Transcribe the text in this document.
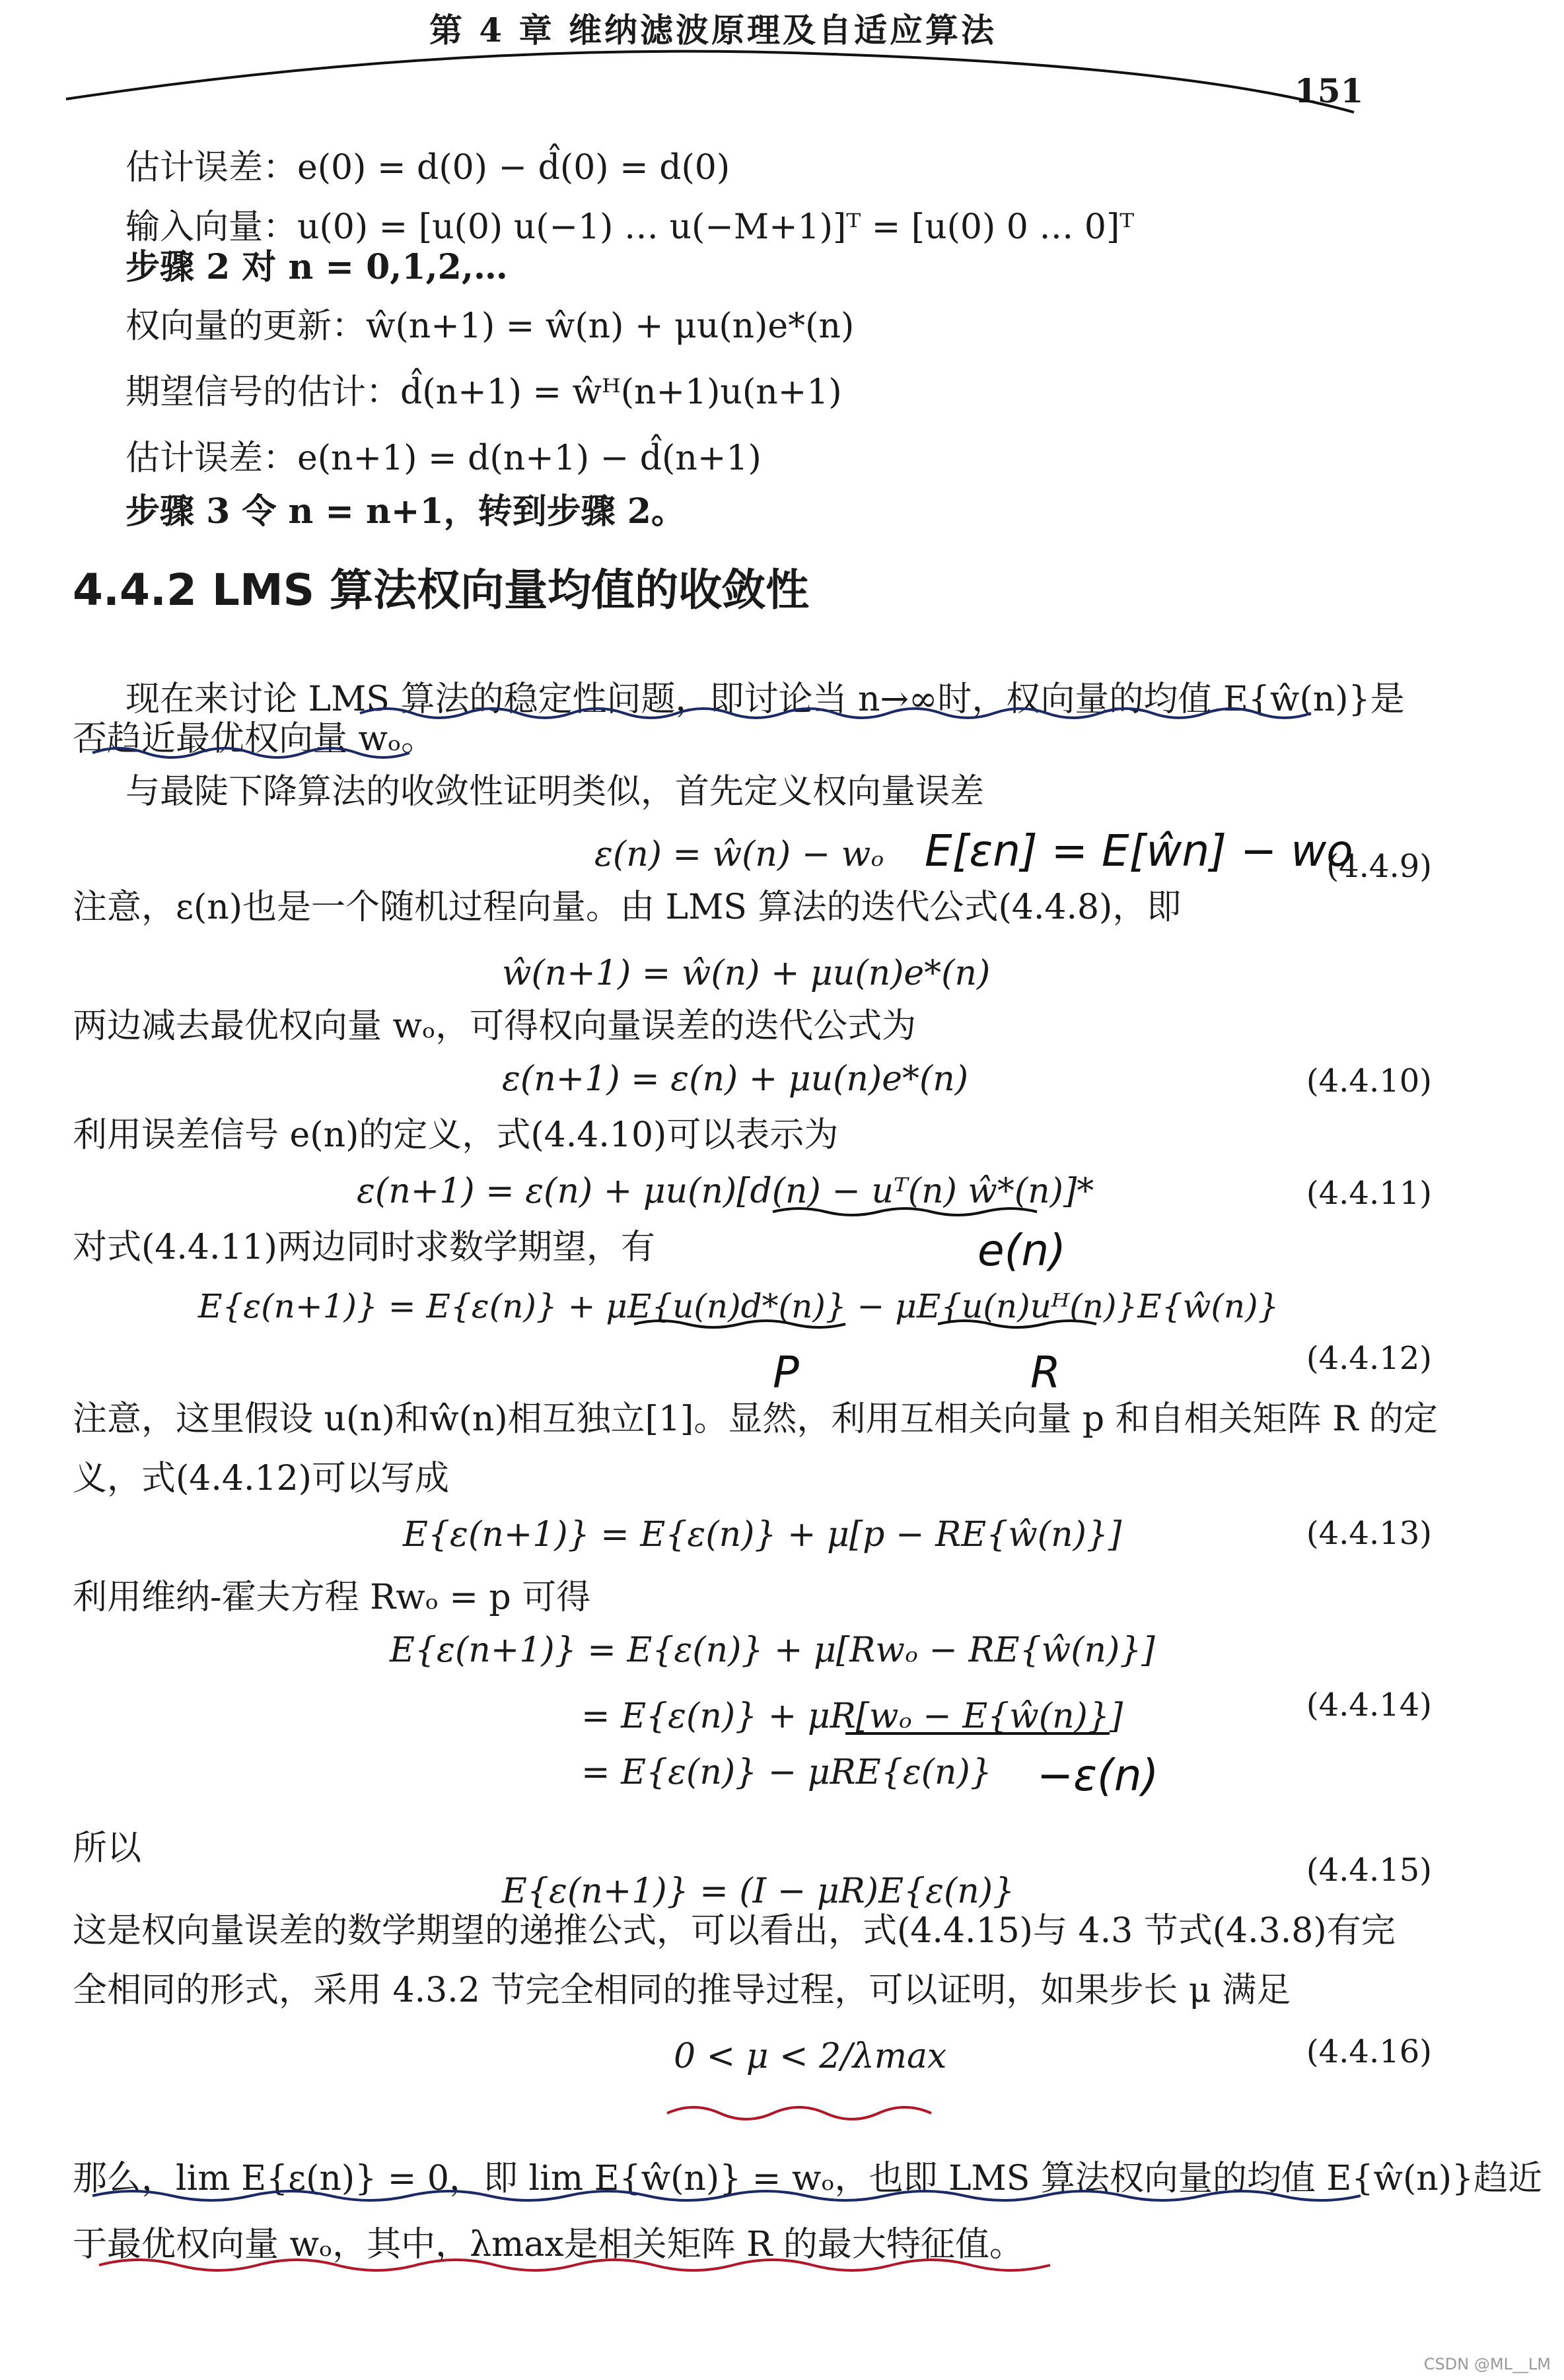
第 4 章 维纳滤波原理及自适应算法
151
估计误差：e(0) = d(0) − d̂(0) = d(0)
输入向量：u(0) = [u(0) u(−1) … u(−M+1)]ᵀ = [u(0) 0 … 0]ᵀ
步骤 2 对 n = 0,1,2,…
权向量的更新：ŵ(n+1) = ŵ(n) + μu(n)e*(n)
期望信号的估计：d̂(n+1) = ŵᴴ(n+1)u(n+1)
估计误差：e(n+1) = d(n+1) − d̂(n+1)
步骤 3 令 n = n+1，转到步骤 2。
4.4.2 LMS 算法权向量均值的收敛性
现在来讨论 LMS 算法的稳定性问题，即讨论当 n→∞时，权向量的均值 E{ŵ(n)}是
否趋近最优权向量 wₒ。
与最陡下降算法的收敛性证明类似，首先定义权向量误差
ε(n) = ŵ(n) − wₒ	(4.4.9)
注意，ε(n)也是一个随机过程向量。由 LMS 算法的迭代公式(4.4.8)，即
ŵ(n+1) = ŵ(n) + μu(n)e*(n)
两边减去最优权向量 wₒ，可得权向量误差的迭代公式为
ε(n+1) = ε(n) + μu(n)e*(n)	(4.4.10)
利用误差信号 e(n)的定义，式(4.4.10)可以表示为
ε(n+1) = ε(n) + μu(n)[d(n) − uᵀ(n) ŵ*(n)]*	(4.4.11)
对式(4.4.11)两边同时求数学期望，有
E{ε(n+1)} = E{ε(n)} + μE{u(n)d*(n)} − μE{u(n)uᴴ(n)}E{ŵ(n)}
(4.4.12)
注意，这里假设 u(n)和ŵ(n)相互独立[1]。显然，利用互相关向量 p 和自相关矩阵 R 的定
义，式(4.4.12)可以写成
E{ε(n+1)} = E{ε(n)} + μ[p − RE{ŵ(n)}]	(4.4.13)
利用维纳-霍夫方程 Rwₒ = p 可得
E{ε(n+1)} = E{ε(n)} + μ[Rwₒ − RE{ŵ(n)}]
= E{ε(n)} + μR[wₒ − E{ŵ(n)}]
= E{ε(n)} − μRE{ε(n)}
(4.4.14)
所以
E{ε(n+1)} = (I − μR)E{ε(n)}
(4.4.15)
这是权向量误差的数学期望的递推公式，可以看出，式(4.4.15)与 4.3 节式(4.3.8)有完
全相同的形式，采用 4.3.2 节完全相同的推导过程，可以证明，如果步长 μ 满足
0 < μ < 2/λmax	(4.4.16)
那么，lim E{ε(n)} = 0，即 lim E{ŵ(n)} = wₒ，也即 LMS 算法权向量的均值 E{ŵ(n)}趋近
于最优权向量 wₒ，其中，λmax是相关矩阵 R 的最大特征值。
E[εn] = E[ŵn] − wo
e(n)
P	R
−ε(n)
CSDN @ML__LM
